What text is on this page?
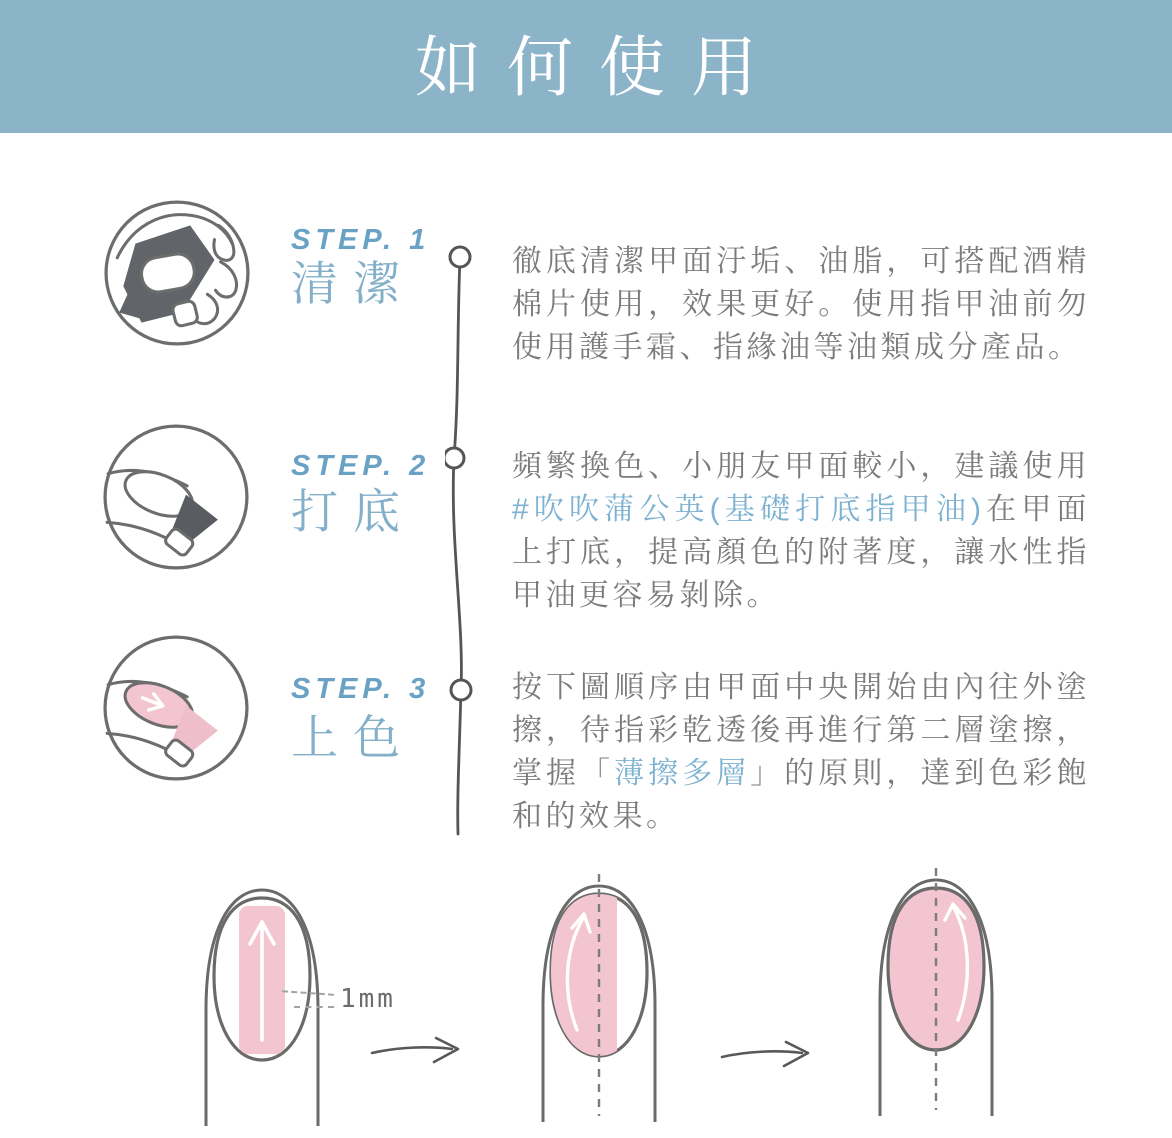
如何使用
STEP. 1
清潔
STEP. 2
打底
STEP. 3
上色

徹底清潔甲面汙垢、油脂，可搭配酒精棉片使用，效果更好。使用指甲油前勿使用護手霜、指緣油等油類成分產品。

頻繁換色、小朋友甲面較小，建議使用#吹吹蒲公英(基礎打底指甲油)在甲面上打底，提高顏色的附著度，讓水性指甲油更容易剝除。

按下圖順序由甲面中央開始由內往外塗擦，待指彩乾透後再進行第二層塗擦，掌握「薄擦多層」的原則，達到色彩飽和的效果。

1mm
